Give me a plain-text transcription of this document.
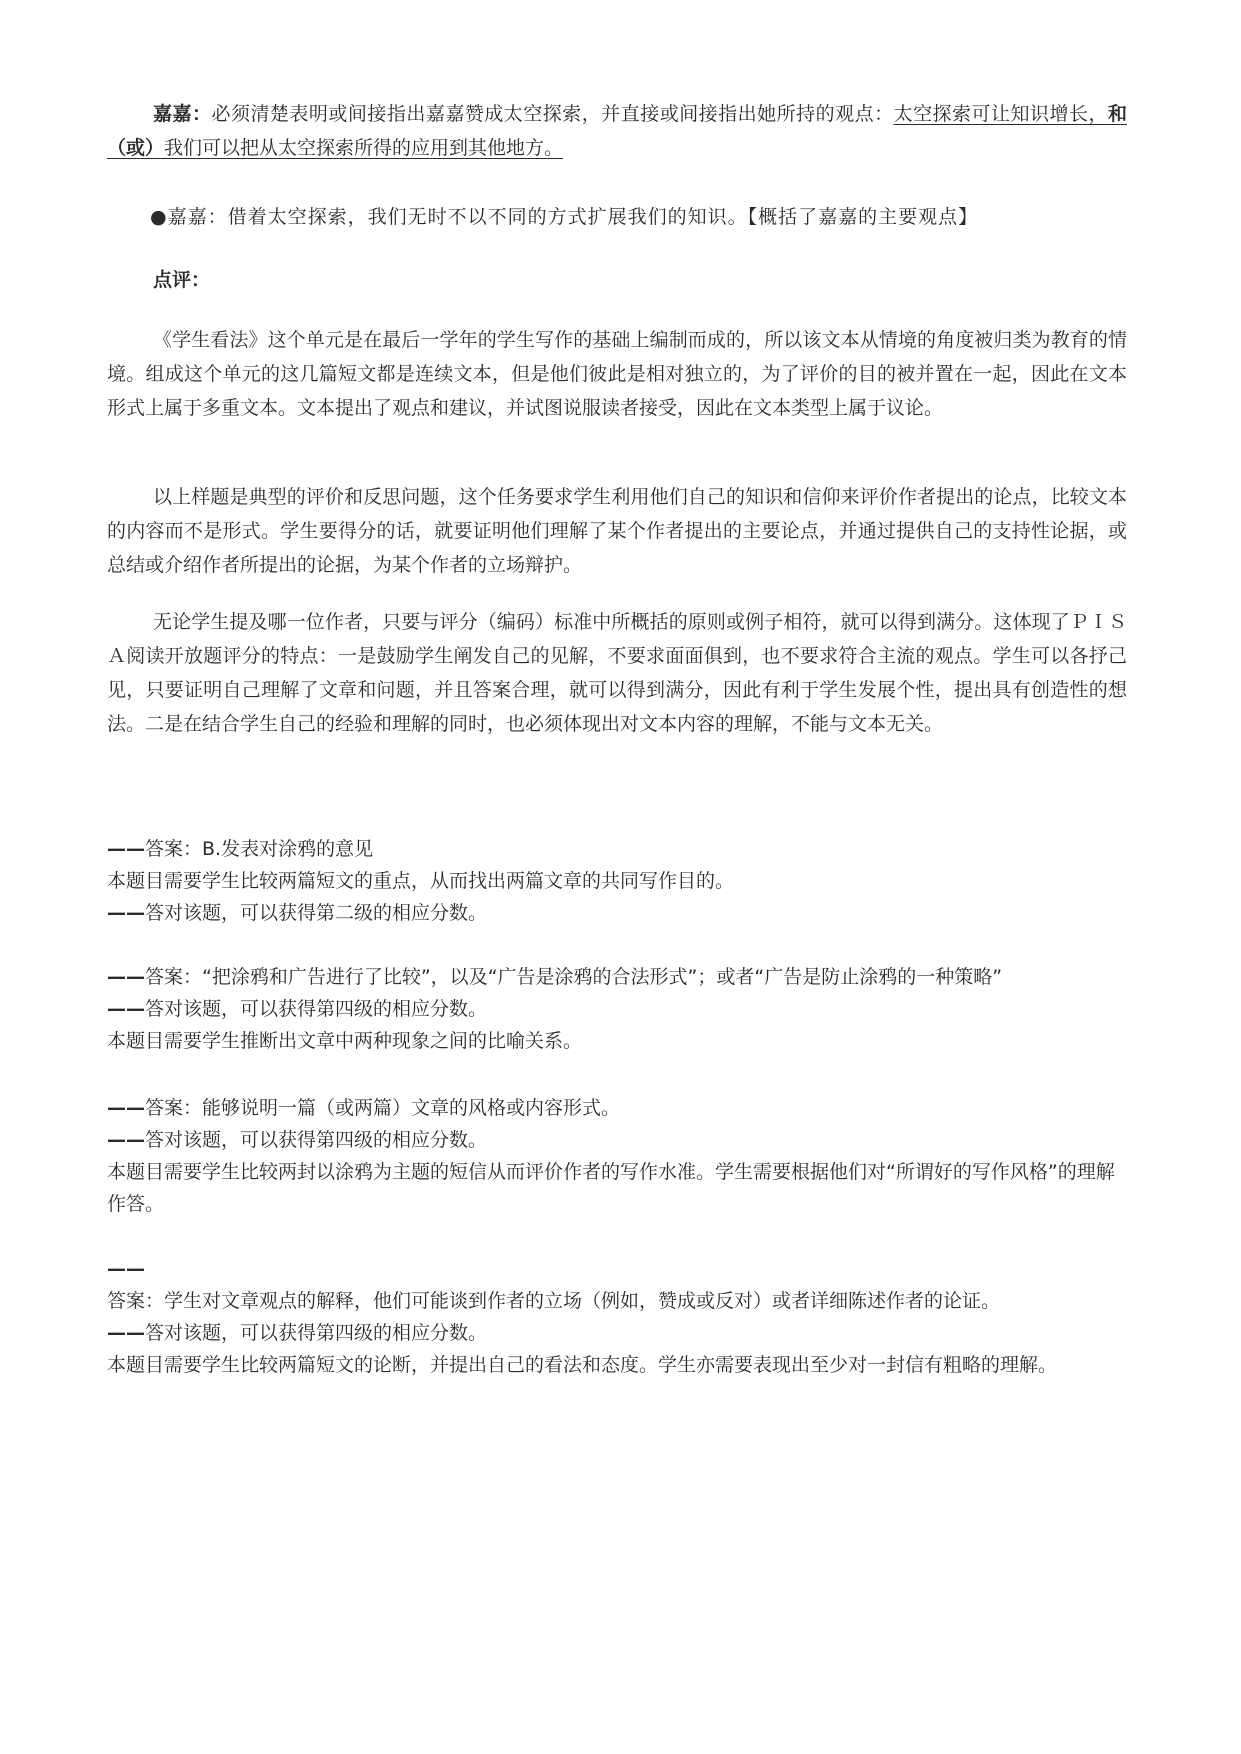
嘉嘉：必须清楚表明或间接指出嘉嘉赞成太空探索，并直接或间接指出她所持的观点：太空探索可让知识增长，和（或）我们可以把从太空探索所得的应用到其他地方。

●嘉嘉：借着太空探索，我们无时不以不同的方式扩展我们的知识。【概括了嘉嘉的主要观点】

点评：

《学生看法》这个单元是在最后一学年的学生写作的基础上编制而成的，所以该文本从情境的角度被归类为教育的情境。组成这个单元的这几篇短文都是连续文本，但是他们彼此是相对独立的，为了评价的目的被并置在一起，因此在文本形式上属于多重文本。文本提出了观点和建议，并试图说服读者接受，因此在文本类型上属于议论。

以上样题是典型的评价和反思问题，这个任务要求学生利用他们自己的知识和信仰来评价作者提出的论点，比较文本的内容而不是形式。学生要得分的话，就要证明他们理解了某个作者提出的主要论点，并通过提供自己的支持性论据，或总结或介绍作者所提出的论据，为某个作者的立场辩护。

无论学生提及哪一位作者，只要与评分（编码）标准中所概括的原则或例子相符，就可以得到满分。这体现了ＰＩＳＡ阅读开放题评分的特点：一是鼓励学生阐发自己的见解，不要求面面俱到，也不要求符合主流的观点。学生可以各抒己见，只要证明自己理解了文章和问题，并且答案合理，就可以得到满分，因此有利于学生发展个性，提出具有创造性的想法。二是在结合学生自己的经验和理解的同时，也必须体现出对文本内容的理解，不能与文本无关。

——答案：B.发表对涂鸦的意见
本题目需要学生比较两篇短文的重点，从而找出两篇文章的共同写作目的。
——答对该题，可以获得第二级的相应分数。
——答案：“把涂鸦和广告进行了比较”，以及“广告是涂鸦的合法形式”；或者“广告是防止涂鸦的一种策略”
——答对该题，可以获得第四级的相应分数。
本题目需要学生推断出文章中两种现象之间的比喻关系。
——答案：能够说明一篇（或两篇）文章的风格或内容形式。
——答对该题，可以获得第四级的相应分数。
本题目需要学生比较两封以涂鸦为主题的短信从而评价作者的写作水准。学生需要根据他们对“所谓好的写作风格”的理解作答。
——
答案：学生对文章观点的解释，他们可能谈到作者的立场（例如，赞成或反对）或者详细陈述作者的论证。
——答对该题，可以获得第四级的相应分数。
本题目需要学生比较两篇短文的论断，并提出自己的看法和态度。学生亦需要表现出至少对一封信有粗略的理解。
